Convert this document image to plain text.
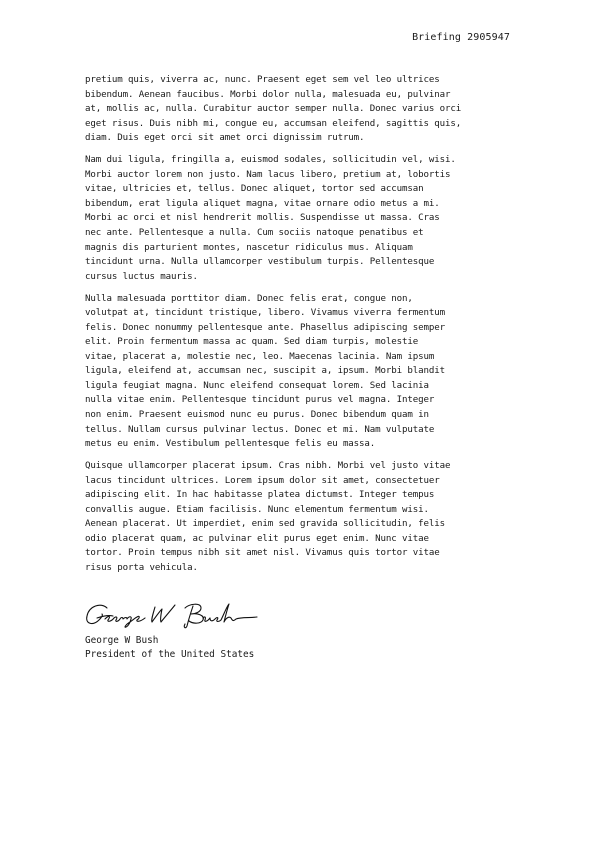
Briefing 2905947

pretium quis, viverra ac, nunc. Praesent eget sem vel leo ultrices
bibendum. Aenean faucibus. Morbi dolor nulla, malesuada eu, pulvinar
at, mollis ac, nulla. Curabitur auctor semper nulla. Donec varius orci
eget risus. Duis nibh mi, congue eu, accumsan eleifend, sagittis quis,
diam. Duis eget orci sit amet orci dignissim rutrum.

Nam dui ligula, fringilla a, euismod sodales, sollicitudin vel, wisi.
Morbi auctor lorem non justo. Nam lacus libero, pretium at, lobortis
vitae, ultricies et, tellus. Donec aliquet, tortor sed accumsan
bibendum, erat ligula aliquet magna, vitae ornare odio metus a mi.
Morbi ac orci et nisl hendrerit mollis. Suspendisse ut massa. Cras
nec ante. Pellentesque a nulla. Cum sociis natoque penatibus et
magnis dis parturient montes, nascetur ridiculus mus. Aliquam
tincidunt urna. Nulla ullamcorper vestibulum turpis. Pellentesque
cursus luctus mauris.

Nulla malesuada porttitor diam. Donec felis erat, congue non,
volutpat at, tincidunt tristique, libero. Vivamus viverra fermentum
felis. Donec nonummy pellentesque ante. Phasellus adipiscing semper
elit. Proin fermentum massa ac quam. Sed diam turpis, molestie
vitae, placerat a, molestie nec, leo. Maecenas lacinia. Nam ipsum
ligula, eleifend at, accumsan nec, suscipit a, ipsum. Morbi blandit
ligula feugiat magna. Nunc eleifend consequat lorem. Sed lacinia
nulla vitae enim. Pellentesque tincidunt purus vel magna. Integer
non enim. Praesent euismod nunc eu purus. Donec bibendum quam in
tellus. Nullam cursus pulvinar lectus. Donec et mi. Nam vulputate
metus eu enim. Vestibulum pellentesque felis eu massa.

Quisque ullamcorper placerat ipsum. Cras nibh. Morbi vel justo vitae
lacus tincidunt ultrices. Lorem ipsum dolor sit amet, consectetuer
adipiscing elit. In hac habitasse platea dictumst. Integer tempus
convallis augue. Etiam facilisis. Nunc elementum fermentum wisi.
Aenean placerat. Ut imperdiet, enim sed gravida sollicitudin, felis
odio placerat quam, ac pulvinar elit purus eget enim. Nunc vitae
tortor. Proin tempus nibh sit amet nisl. Vivamus quis tortor vitae
risus porta vehicula.

George W Bush
President of the United States
